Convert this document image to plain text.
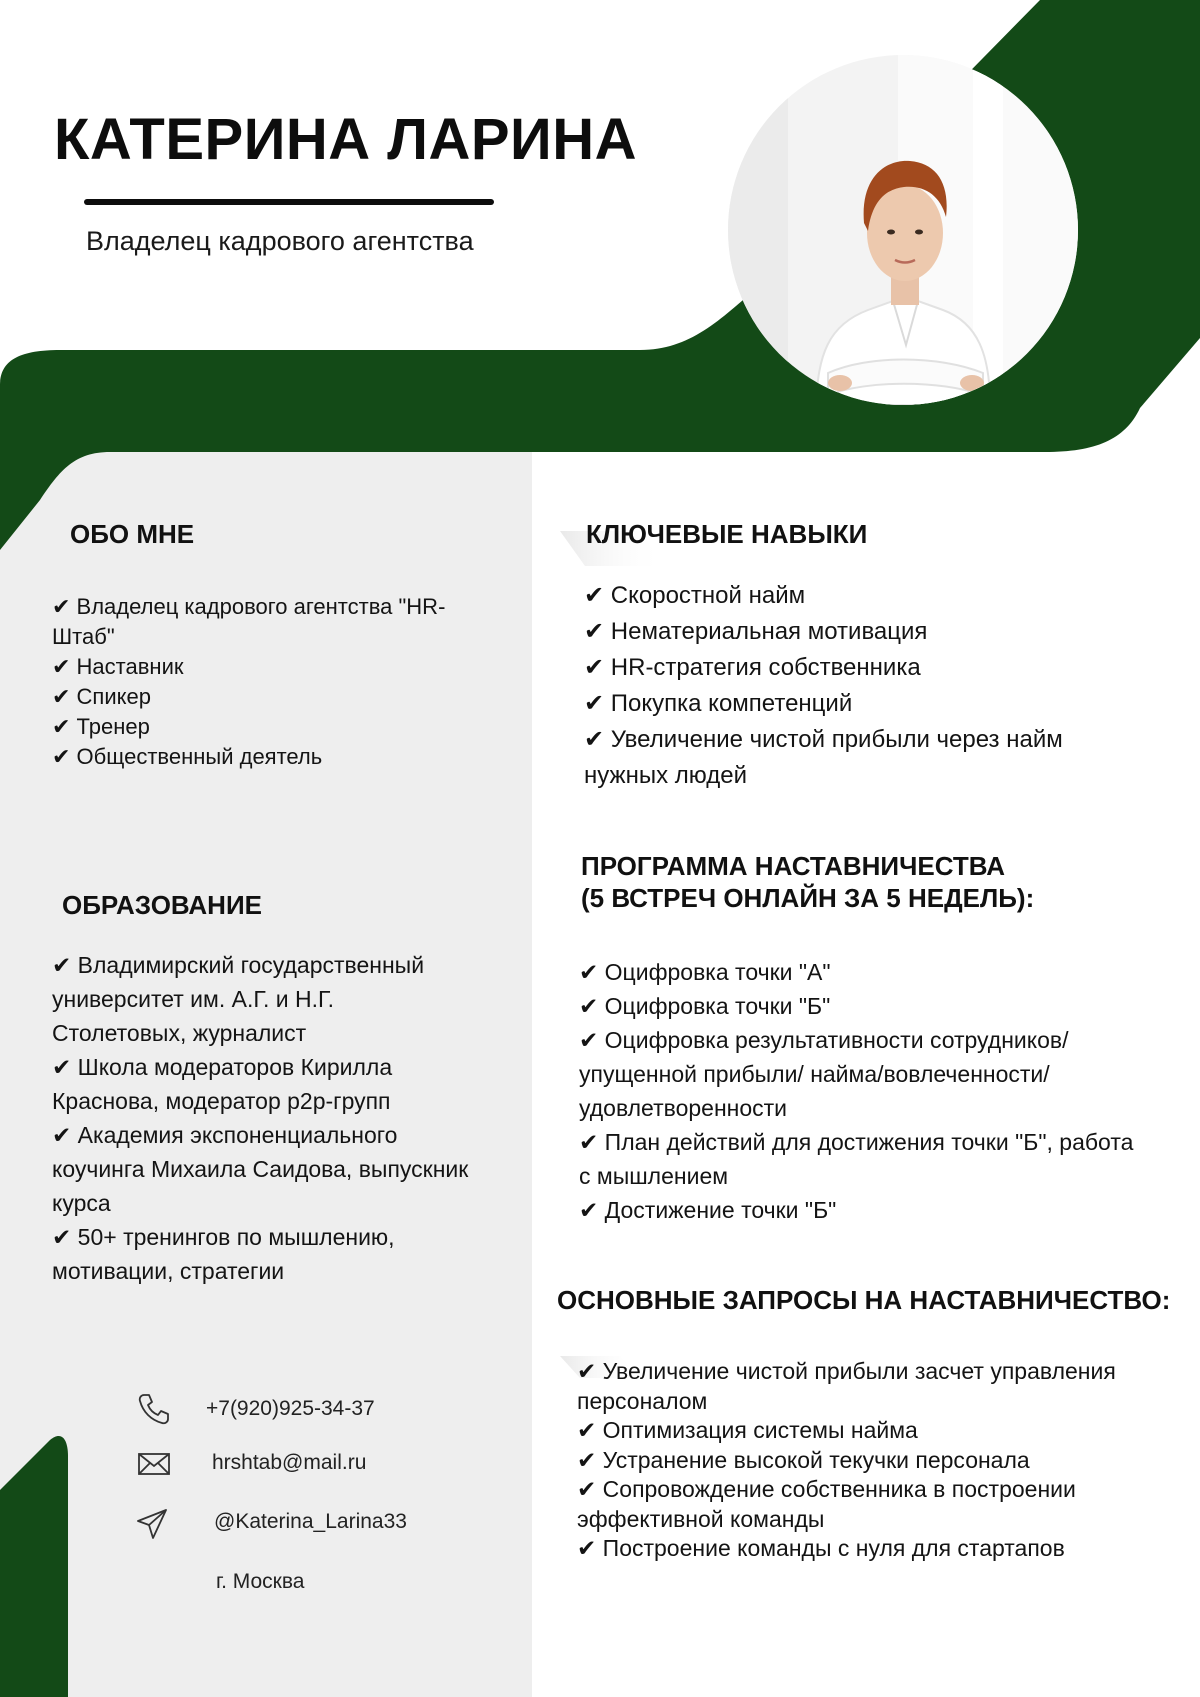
КАТЕРИНА ЛАРИНА
Владелец кадрового агентства
ОБО МНЕ
✔ Владелец кадрового агентства "HR-Штаб"
✔ Наставник
✔ Спикер
✔ Тренер
✔ Общественный деятель
ОБРАЗОВАНИЕ
✔ Владимирский государственный университет им. А.Г. и Н.Г. Столетовых, журналист
✔ Школа модераторов Кирилла Краснова, модератор p2p-групп
✔ Академия экспоненциального коучинга Михаила Саидова, выпускник курса
✔ 50+ тренингов по мышлению, мотивации, стратегии
КЛЮЧЕВЫЕ НАВЫКИ
✔ Скоростной найм
✔ Нематериальная мотивация
✔ HR-стратегия собственника
✔ Покупка компетенций
✔ Увеличение чистой прибыли через найм нужных людей
ПРОГРАММА НАСТАВНИЧЕСТВА
(5 ВСТРЕЧ ОНЛАЙН ЗА 5 НЕДЕЛЬ):
✔ Оцифровка точки "А"
✔ Оцифровка точки "Б"
✔ Оцифровка результативности сотрудников/ упущенной прибыли/ найма/вовлеченности/ удовлетворенности
✔ План действий для достижения точки "Б", работа с мышлением
✔ Достижение точки "Б"
ОСНОВНЫЕ ЗАПРОСЫ НА НАСТАВНИЧЕСТВО:
✔ Увеличение чистой прибыли засчет управления персоналом
✔ Оптимизация системы найма
✔ Устранение высокой текучки персонала
✔ Сопровождение собственника в построении эффективной команды
✔ Построение команды с нуля для стартапов
+7(920)925-34-37
hrshtab@mail.ru
@Katerina_Larina33
г. Москва
